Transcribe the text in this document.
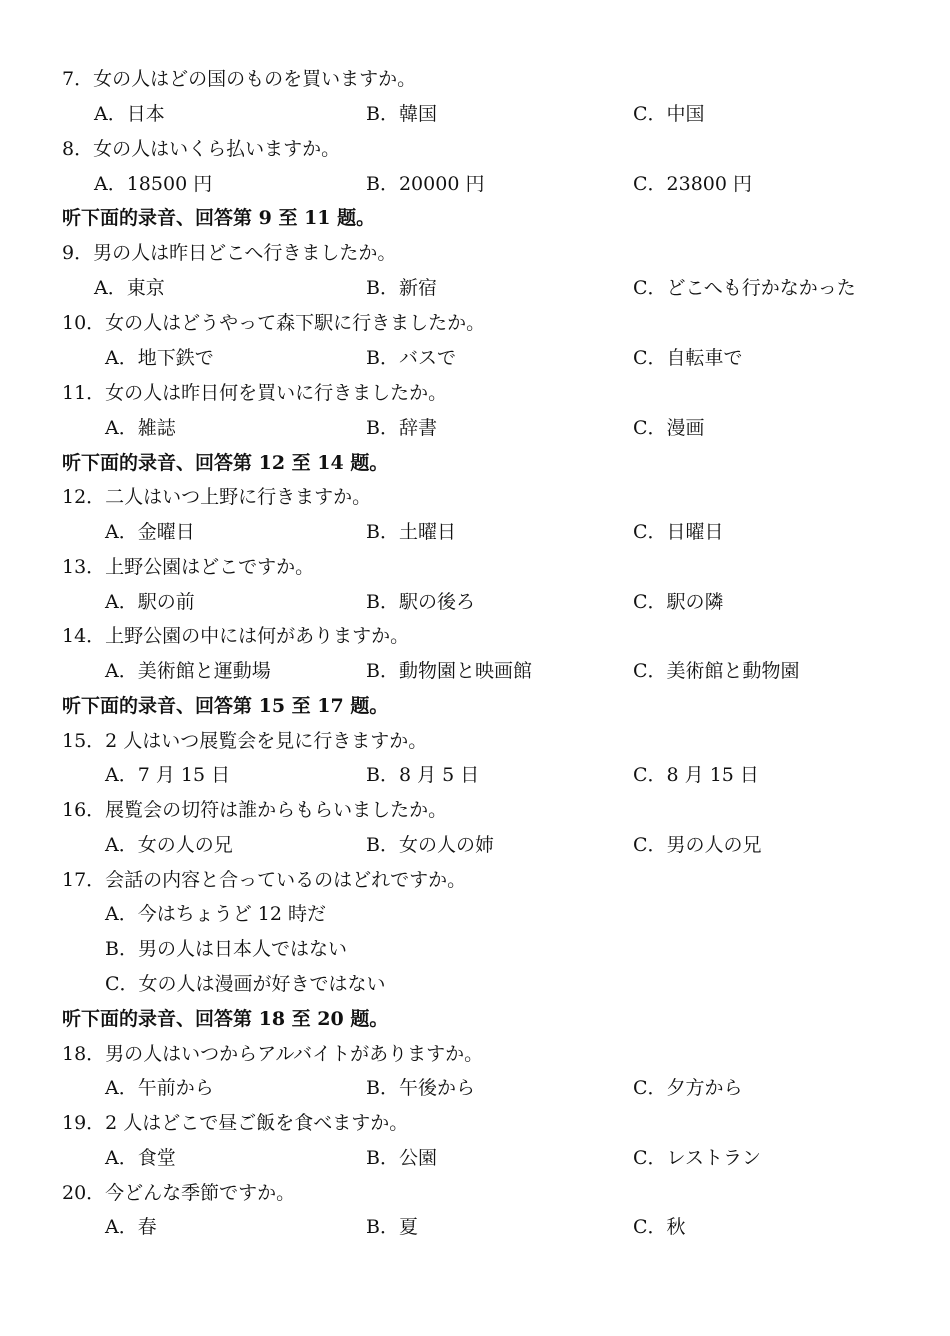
7．女の人はどの国のものを買いますか。
A．日本	B．韓国	C．中国
8．女の人はいくら払いますか。
A．18500 円	B．20000 円	C．23800 円
听下面的录音、回答第 9 至 11 题。
9．男の人は昨日どこへ行きましたか。
A．東京	B．新宿	C．どこへも行かなかった
10．女の人はどうやって森下駅に行きましたか。
A．地下鉄で	B．バスで	C．自転車で
11．女の人は昨日何を買いに行きましたか。
A．雑誌	B．辞書	C．漫画
听下面的录音、回答第 12 至 14 题。
12．二人はいつ上野に行きますか。
A．金曜日	B．土曜日	C．日曜日
13．上野公園はどこですか。
A．駅の前	B．駅の後ろ	C．駅の隣
14．上野公園の中には何がありますか。
A．美術館と運動場	B．動物園と映画館	C．美術館と動物園
听下面的录音、回答第 15 至 17 题。
15．2 人はいつ展覧会を見に行きますか。
A．7 月 15 日	B．8 月 5 日	C．8 月 15 日
16．展覧会の切符は誰からもらいましたか。
A．女の人の兄	B．女の人の姉	C．男の人の兄
17．会話の内容と合っているのはどれですか。
A．今はちょうど 12 時だ
B．男の人は日本人ではない
C．女の人は漫画が好きではない
听下面的录音、回答第 18 至 20 题。
18．男の人はいつからアルバイトがありますか。
A．午前から	B．午後から	C．夕方から
19．2 人はどこで昼ご飯を食べますか。
A．食堂	B．公園	C．レストラン
20．今どんな季節ですか。
A．春	B．夏	C．秋
